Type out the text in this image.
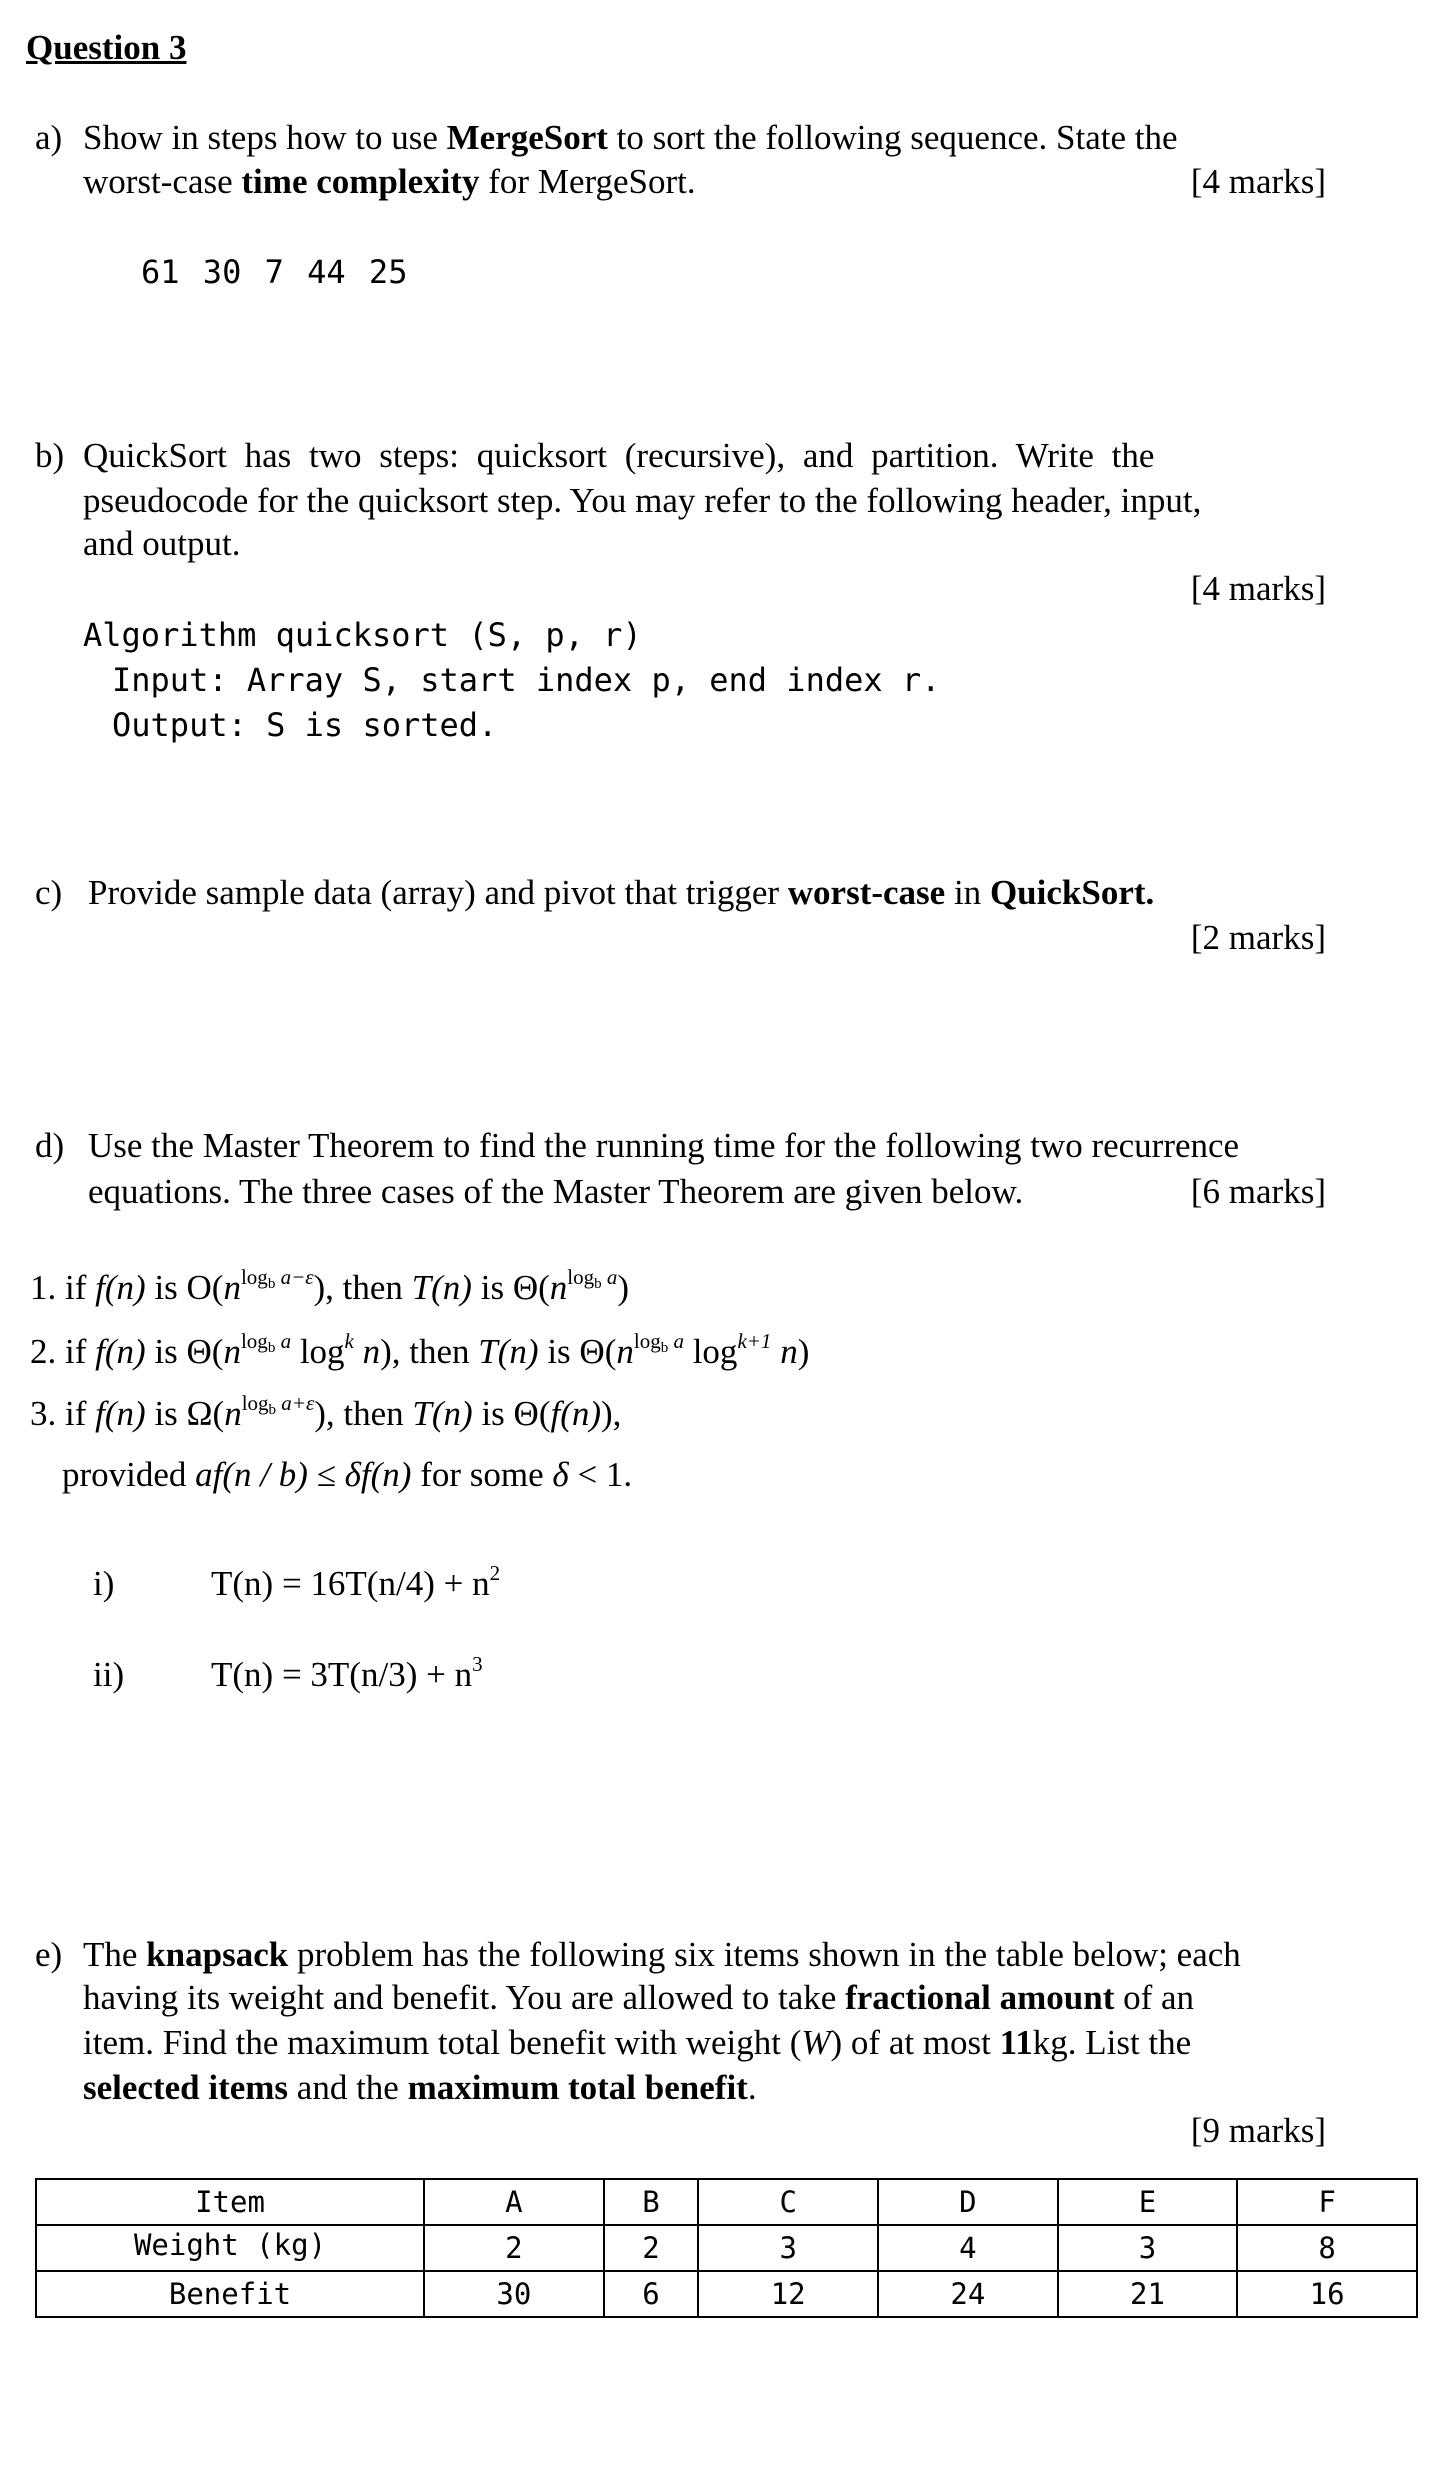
Question 3
a) Show in steps how to use MergeSort to sort the following sequence. State the
worst-case time complexity for MergeSort.	[4 marks]
61 30 7 44 25
b) QuickSort has two steps: quicksort (recursive), and partition. Write the
pseudocode for the quicksort step. You may refer to the following header, input,
and output.
[4 marks]
Algorithm quicksort (S, p, r)
Input: Array S, start index p, end index r.
Output: S is sorted.
c) Provide sample data (array) and pivot that trigger worst-case in QuickSort.
[2 marks]
d) Use the Master Theorem to find the running time for the following two recurrence
equations. The three cases of the Master Theorem are given below.	[6 marks]
1. if f(n) is $O(n^{log_b a-\varepsilon})$, then T(n) is $\Theta(n^{log_b a})$
2. if f(n) is $\Theta(n^{log_b a}$ $\log^k n$), then T(n) is $\Theta(n^{log_b a}$ $\log^{k+1} n$)
3. if f(n) is $\Omega(n^{log_b a+\varepsilon})$, then T(n) is Θ(f(n)),
provided af(n / b) ≤ δf(n) for some δ < 1.
i)	$T(n) = 16T(n/4) + n^2$
ii) $T(n) = 3T(n/3) + n^3$
e) The knapsack problem has the following six items shown in the table below; each
having its weight and benefit. You are allowed to take fractional amount of an
item. Find the maximum total benefit with weight (W) of at most 11kg. List the
selected items and the maximum total benefit.
[9 marks]
Item	A	B	C	D	E	F
Weight (kg)	2	2	3	4	3	8
Benefit	30	6	12	24	21	16
